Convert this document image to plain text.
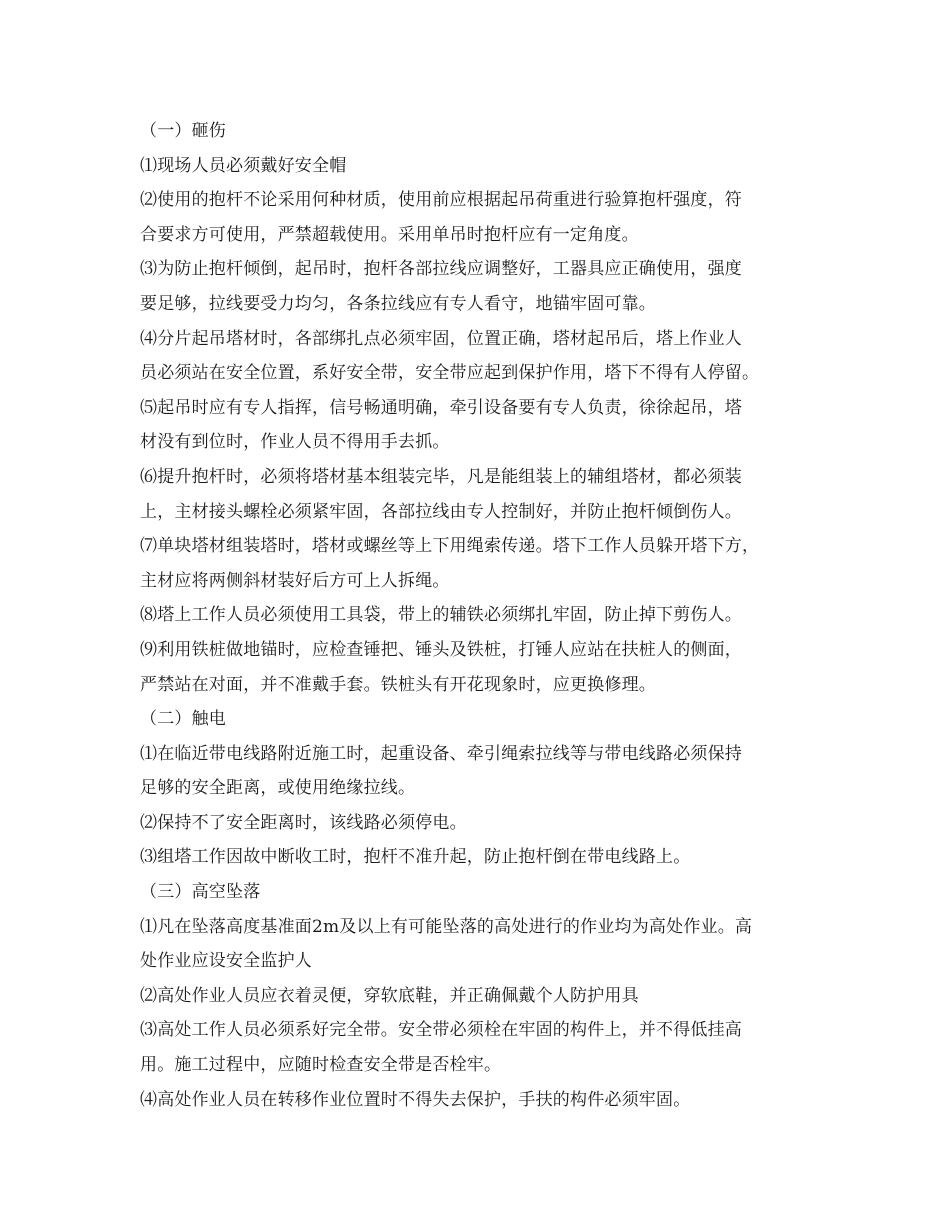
（一）砸伤
⑴现场人员必须戴好安全帽
⑵使用的抱杆不论采用何种材质，使用前应根据起吊荷重进行验算抱杆强度，符
合要求方可使用，严禁超载使用。采用单吊时抱杆应有一定角度。
⑶为防止抱杆倾倒，起吊时，抱杆各部拉线应调整好，工器具应正确使用，强度
要足够，拉线要受力均匀，各条拉线应有专人看守，地锚牢固可靠。
⑷分片起吊塔材时，各部绑扎点必须牢固，位置正确，塔材起吊后，塔上作业人
员必须站在安全位置，系好安全带，安全带应起到保护作用，塔下不得有人停留。
⑸起吊时应有专人指挥，信号畅通明确，牵引设备要有专人负责，徐徐起吊，塔
材没有到位时，作业人员不得用手去抓。
⑹提升抱杆时，必须将塔材基本组装完毕，凡是能组装上的辅组塔材，都必须装
上，主材接头螺栓必须紧牢固，各部拉线由专人控制好，并防止抱杆倾倒伤人。
⑺单块塔材组装塔时，塔材或螺丝等上下用绳索传递。塔下工作人员躲开塔下方，
主材应将两侧斜材装好后方可上人拆绳。
⑻塔上工作人员必须使用工具袋，带上的辅铁必须绑扎牢固，防止掉下剪伤人。
⑼利用铁桩做地锚时，应检查锤把、锤头及铁桩，打锤人应站在扶桩人的侧面，
严禁站在对面，并不准戴手套。铁桩头有开花现象时，应更换修理。
（二）触电
⑴在临近带电线路附近施工时，起重设备、牵引绳索拉线等与带电线路必须保持
足够的安全距离，或使用绝缘拉线。
⑵保持不了安全距离时，该线路必须停电。
⑶组塔工作因故中断收工时，抱杆不准升起，防止抱杆倒在带电线路上。
（三）高空坠落
⑴凡在坠落高度基准面2m及以上有可能坠落的高处进行的作业均为高处作业。高
处作业应设安全监护人
⑵高处作业人员应衣着灵便，穿软底鞋，并正确佩戴个人防护用具
⑶高处工作人员必须系好完全带。安全带必须栓在牢固的构件上，并不得低挂高
用。施工过程中，应随时检查安全带是否栓牢。
⑷高处作业人员在转移作业位置时不得失去保护，手扶的构件必须牢固。
